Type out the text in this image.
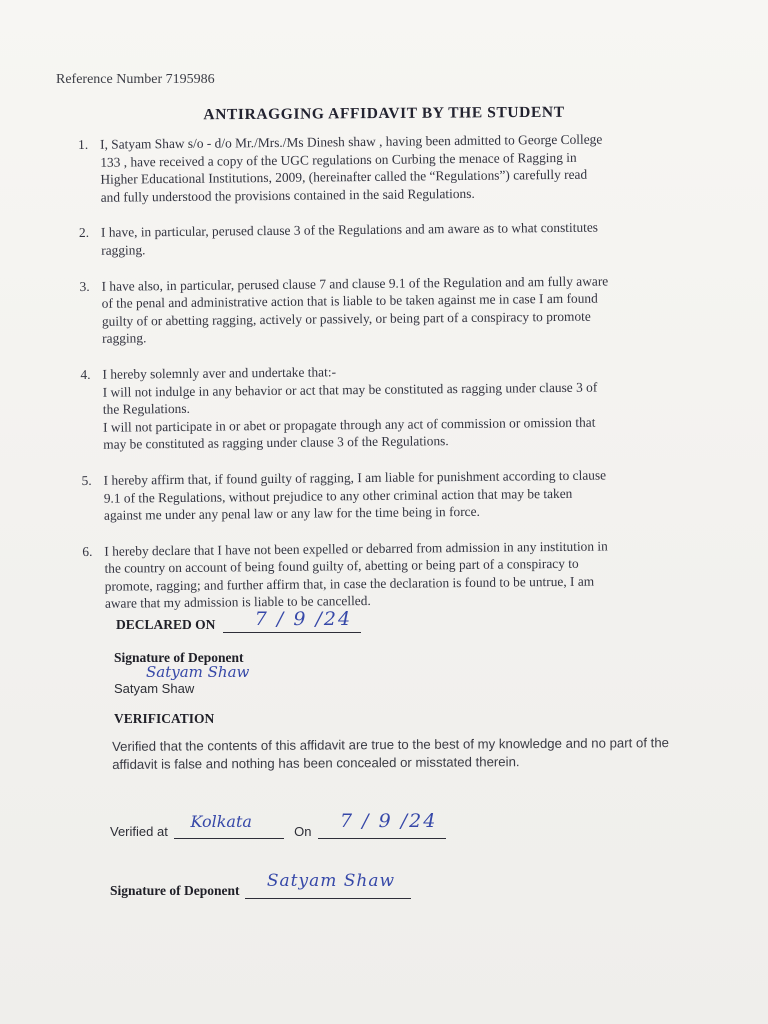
Reference Number 7195986
ANTIRAGGING AFFIDAVIT BY THE STUDENT
1. I, Satyam Shaw s/o - d/o Mr./Mrs./Ms Dinesh shaw , having been admitted to George College

133 , have received a copy of the UGC regulations on Curbing the menace of Ragging in

Higher Educational Institutions, 2009, (hereinafter called the “Regulations”) carefully read

and fully understood the provisions contained in the said Regulations.

2. I have, in particular, perused clause 3 of the Regulations and am aware as to what constitutes

ragging.

3. I have also, in particular, perused clause 7 and clause 9.1 of the Regulation and am fully aware

of the penal and administrative action that is liable to be taken against me in case I am found

guilty of or abetting ragging, actively or passively, or being part of a conspiracy to promote

ragging.

4. I hereby solemnly aver and undertake that:-

I will not indulge in any behavior or act that may be constituted as ragging under clause 3 of

the Regulations.

I will not participate in or abet or propagate through any act of commission or omission that

may be constituted as ragging under clause 3 of the Regulations.

5. I hereby affirm that, if found guilty of ragging, I am liable for punishment according to clause

9.1 of the Regulations, without prejudice to any other criminal action that may be taken

against me under any penal law or any law for the time being in force.

6. I hereby declare that I have not been expelled or debarred from admission in any institution in

the country on account of being found guilty of, abetting or being part of a conspiracy to

promote, ragging; and further affirm that, in case the declaration is found to be untrue, I am

aware that my admission is liable to be cancelled.

DECLARED ON 7 / 9 /24
Signature of Deponent
Satyam Shaw
Satyam Shaw
VERIFICATION
Verified that the contents of this affidavit are true to the best of my knowledge and no part of the affidavit is false and nothing has been concealed or misstated therein.
Verified at
Kolkata
On 7 / 9 /24
Signature of Deponent Satyam Shaw
